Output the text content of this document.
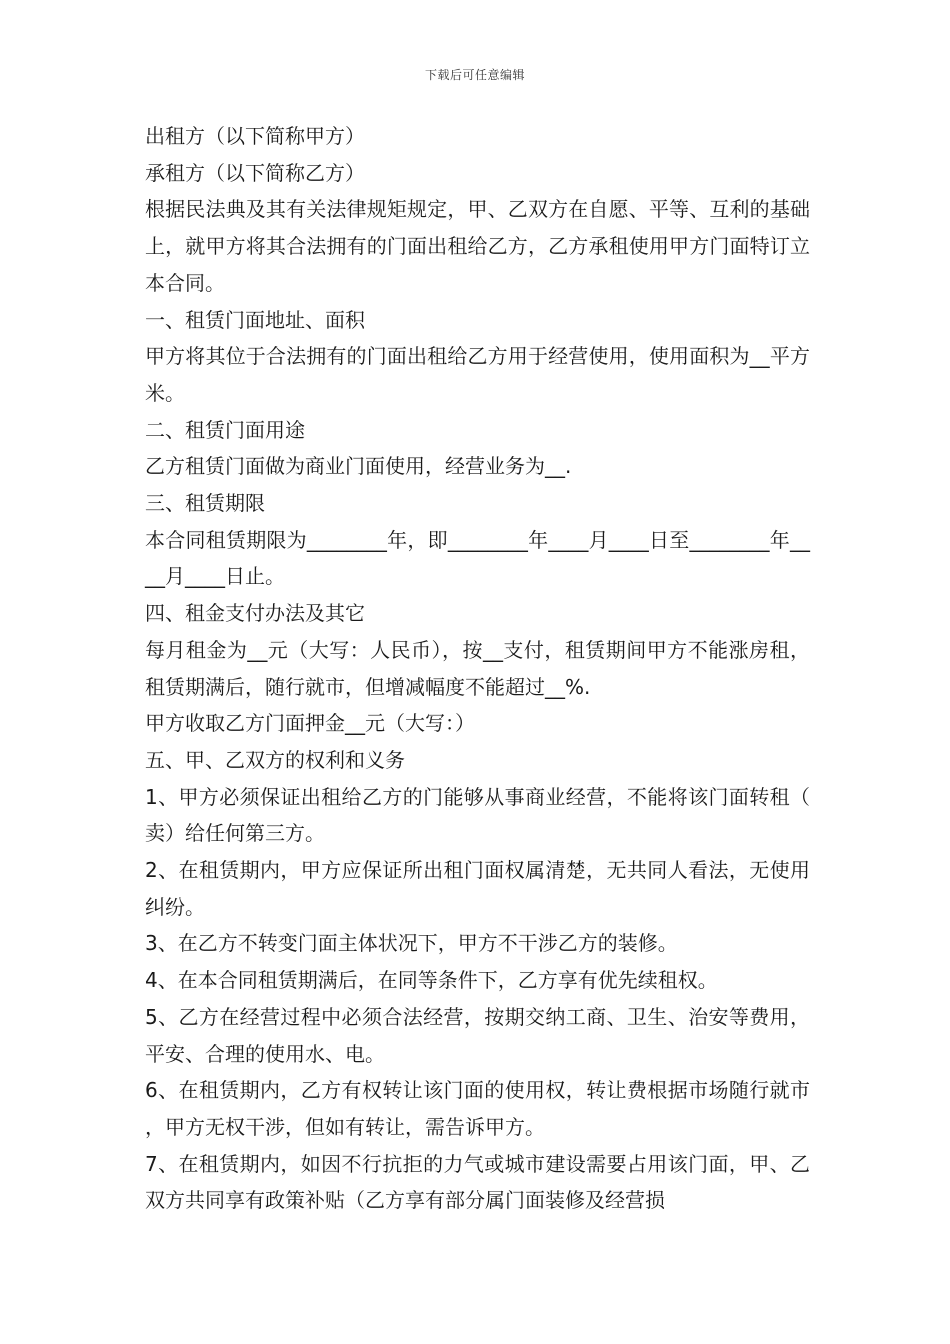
下载后可任意编辑

出租方（以下简称甲方）

承租方（以下简称乙方）

根据民法典及其有关法律规矩规定，甲、乙双方在自愿、平等、互利的基础上，就甲方将其合法拥有的门面出租给乙方，乙方承租使用甲方门面特订立本合同。

一、租赁门面地址、面积

甲方将其位于合法拥有的门面出租给乙方用于经营使用，使用面积为__平方米。

二、租赁门面用途

乙方租赁门面做为商业门面使用，经营业务为__.

三、租赁期限

本合同租赁期限为________年，即________年____月____日至________年____月____日止。

四、租金支付办法及其它

每月租金为__元（大写：人民币），按__支付，租赁期间甲方不能涨房租，租赁期满后，随行就市，但增减幅度不能超过__%.

甲方收取乙方门面押金__元（大写：）

五、甲、乙双方的权利和义务

1、甲方必须保证出租给乙方的门能够从事商业经营，不能将该门面转租（卖）给任何第三方。

2、在租赁期内，甲方应保证所出租门面权属清楚，无共同人看法，无使用纠纷。

3、在乙方不转变门面主体状况下，甲方不干涉乙方的装修。

4、在本合同租赁期满后，在同等条件下，乙方享有优先续租权。

5、乙方在经营过程中必须合法经营，按期交纳工商、卫生、治安等费用，平安、合理的使用水、电。

6、在租赁期内，乙方有权转让该门面的使用权，转让费根据市场随行就市，甲方无权干涉，但如有转让，需告诉甲方。

7、在租赁期内，如因不行抗拒的力气或城市建设需要占用该门面，甲、乙双方共同享有政策补贴（乙方享有部分属门面装修及经营损
